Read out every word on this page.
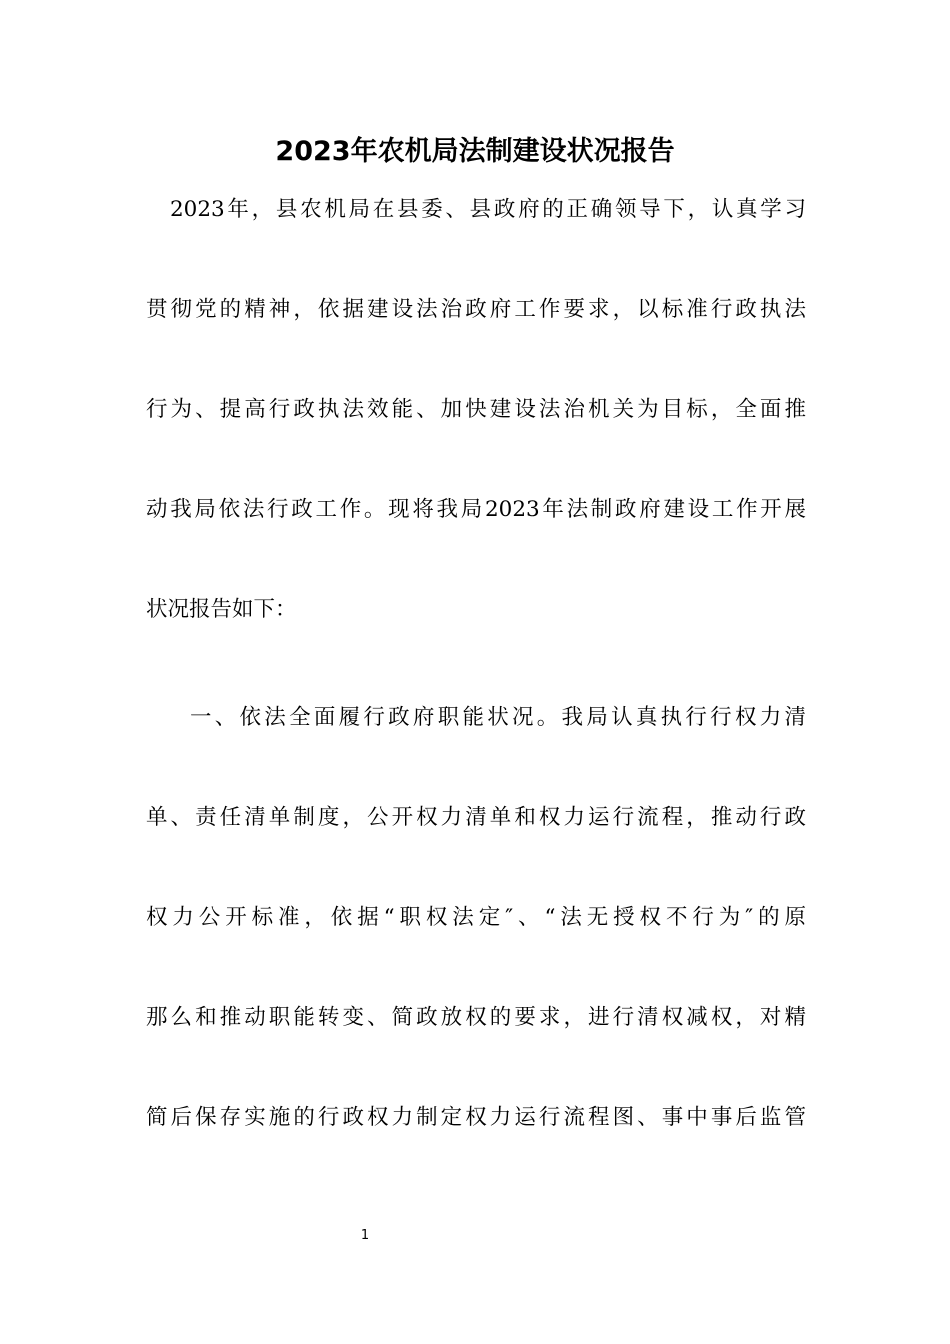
2023年农机局法制建设状况报告

2023年，县农机局在县委、县政府的正确领导下，认真学习

贯彻党的精神，依据建设法治政府工作要求，以标准行政执法

行为、提高行政执法效能、加快建设法治机关为目标，全面推

动我局依法行政工作。现将我局2023年法制政府建设工作开展

状况报告如下：

一、依法全面履行政府职能状况。我局认真执行行权力清

单、责任清单制度，公开权力清单和权力运行流程，推动行政

权力公开标准，依据“职权法定″、“法无授权不行为″的原

那么和推动职能转变、简政放权的要求，进行清权减权，对精

简后保存实施的行政权力制定权力运行流程图、事中事后监管

1
